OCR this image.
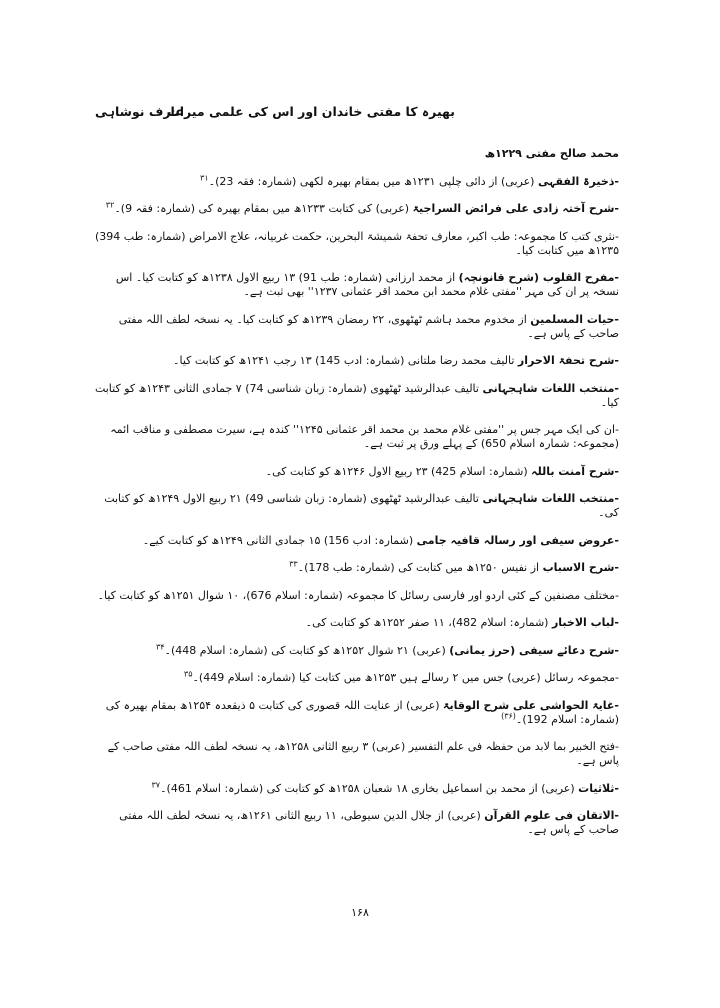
بھیرہ کا مفتی خاندان اور اس کی علمی میراث
عارف نوشاہی

محمد صالح مفتی ۱۲۲۹ھ

-ذخیرۃ الفقہی (عربی) از دائی چلپی ۱۲۳۱ھ میں بمقام بھیرہ لکھی (شمارہ: فقہ 23)۔$^{۳۱}$

-شرح آختہ زادی علی فرائض السراجیۃ (عربی) کی کتابت ۱۲۳۳ھ میں بمقام بھیرہ کی (شمارہ: فقہ 9)۔$^{۳۲}$

-نثری کتب کا مجموعہ: طب اکبر، معارف تحفۃ شمیشۃ البحرین، حکمت غربیانہ، علاج الامراض (شمارہ: طب 394) ۱۲۳۵ھ میں کتابت کیا۔

-مفرح القلوب (شرح قانونچہ) از محمد ارزانی (شمارہ: طب 91) ۱۳ ربیع الاول ۱۲۳۸ھ کو کتابت کیا۔ اس نسخہ پر ان کی مہر ''مفتی غلام محمد ابن محمد اقر عثمانی ۱۲۳۷'' بھی ثبت ہے۔

-حیات المسلمین از مخدوم محمد ہاشم ٹھٹھوی، ۲۲ رمضان ۱۲۳۹ھ کو کتابت کیا۔ یہ نسخہ لطف اللہ مفتی صاحب کے پاس ہے۔

-شرح تحفۃ الاحرار تالیف محمد رضا ملتانی (شمارہ: ادب 145) ۱۳ رجب ۱۲۴۱ھ کو کتابت کیا۔

-منتخب اللغات شاہجہانی تالیف عبدالرشید ٹھٹھوی (شمارہ: زبان شناسی 74) ۷ جمادی الثانی ۱۲۴۳ھ کو کتابت کیا۔

-ان کی ایک مہر جس پر ''مفتی غلام محمد بن محمد اقر عثمانی ۱۲۴۵'' کندہ ہے، سیرت مصطفی و مناقب ائمہ (مجموعہ: شمارہ اسلام 650) کے پہلے ورق پر ثبت ہے۔

-شرح آمنت باللہ (شمارہ: اسلام 425) ۲۳ ربیع الاول ۱۲۴۶ھ کو کتابت کی۔

-منتخب اللغات شاہجہانی تالیف عبدالرشید ٹھٹھوی (شمارہ: زبان شناسی 49) ۲۱ ربیع الاول ۱۲۴۹ھ کو کتابت کی۔

-عروض سیفی اور رسالہ قافیہ جامی (شمارہ: ادب 156) ۱۵ جمادی الثانی ۱۲۴۹ھ کو کتابت کیے۔

-شرح الاسباب از نفیس ۱۲۵۰ھ میں کتابت کی (شمارہ: طب 178)۔$^{۳۳}$

-مختلف مصنفین کے کئی اردو اور فارسی رسائل کا مجموعہ (شمارہ: اسلام 676)، ۱۰ شوال ۱۲۵۱ھ کو کتابت کیا۔

-لباب الاخبار (شمارہ: اسلام 482)، ۱۱ صفر ۱۲۵۲ھ کو کتابت کی۔

-شرح دعائے سیفی (حرز یمانی) (عربی) ۲۱ شوال ۱۲۵۲ھ کو کتابت کی (شمارہ: اسلام 448)۔$^{۳۴}$

-مجموعہ رسائل (عربی) جس میں ۲ رسالے ہیں ۱۲۵۳ھ میں کتابت کیا (شمارہ: اسلام 449)۔$^{۳۵}$

-غایۃ الحواشی علی شرح الوقایۃ (عربی) از عنایت اللہ قصوری کی کتابت ۵ ذیقعدہ ۱۲۵۴ھ بمقام بھیرہ کی (شمارہ: اسلام 192)۔$^{(۳۶)}$

-فتح الخبیر بما لابد من حفظہ فی علم التفسیر (عربی) ۳ ربیع الثانی ۱۲۵۸ھ، یہ نسخہ لطف اللہ مفتی صاحب کے پاس ہے۔

-ثلاثیات (عربی) از محمد بن اسماعیل بخاری ۱۸ شعبان ۱۲۵۸ھ کو کتابت کی (شمارہ: اسلام 461)۔$^{۳۷}$

-الاتقان فی علوم القرآن (عربی) از جلال الدین سیوطی، ۱۱ ربیع الثانی ۱۲۶۱ھ، یہ نسخہ لطف اللہ مفتی صاحب کے پاس ہے۔

۱۶۸
